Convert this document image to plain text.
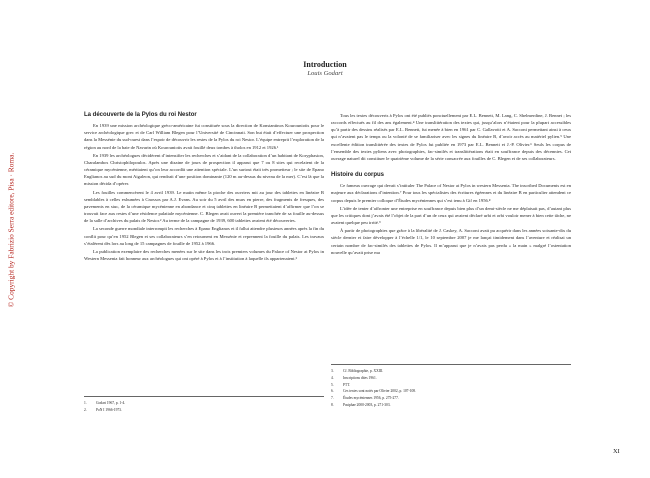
© Copyright by Fabrizio Serra editore, Pisa · Roma.
Introduction
Louis Godart
La découverte de la Pylos du roi Nestor

En 1939 une mission archéologique gréco-américaine fut constituée sous la direction de Konstantinos Kourouniotis pour le service archéologique grec et de Carl William Blegen pour l’Université de Cincinnati. Son but était d’effectuer une prospection dans la Messénie du sud-ouest dans l’espoir de découvrir les restes de la Pylos du roi Nestor. L’équipe entreprit l’exploration de la région au nord de la baie de Navarin où Kourouniotis avait fouillé deux tombes à tholos en 1912 et 1926.¹

En 1939 les archéologues décidèrent d’intensifier les recherches et s’aidant de la collaboration d’un habitant de Koryphasion, Charalambos Christophilopoulos. Après une dizaine de jours de prospection il apparut que 7 ou 8 sites qui recelaient de la céramique mycénienne, méritaient qu’on leur accordât une attention spéciale. L’un surtout était très prometteur ; le site de Epano Englianos au sud du mont Aigaleon, qui rendrait d’une position dominante (120 m au-dessus du niveau de la mer). C’est là que la mission décida d’opérer.

Les fouilles commencèrent le 4 avril 1939. Le matin même la pioche des ouvriers mit au jour des tablettes en linéaire B semblables à celles exhumées à Cnossos par A.J. Evans. Au soir du 5 avril des murs en pierre, des fragments de fresques, des pavements en stuc, de la céramique mycénienne en abondance et cinq tablettes en linéaire B permettaient d’affirmer que l’on se trouvait face aux restes d’une résidence palatiale mycénienne. C. Blegen avait ouvert la première tranchée de sa fouille au-dessus de la salle d’archives du palais de Nestor.² Au terme de la campagne de 1939, 600 tablettes avaient été découvertes.

La seconde guerre mondiale interrompit les recherches à Epano Englianos et il fallut attendre plusieurs années après la fin du conflit pour qu’en 1952 Blegen et ses collaborateurs s’en retournent en Messénie et reprennent la fouille du palais. Les travaux s’étalèrent dès lors au long de 15 campagnes de fouille de 1952 à 1966.

La publication exemplaire des recherches menées sur le site dans les trois premiers volumes du Palace of Nestor at Pylos in Western Messenia fait honneur aux archéologues qui ont opéré à Pylos et à l’institution à laquelle ils appartenaient.³

1.	Godart 1967, p. 1-4.
2.	PoN I 1966-1973.

Tous les textes découverts à Pylos ont été publiés ponctuellement par E.L. Bennett, M. Lang, C. Shelmerdine, J. Bennet ; les raccords effectués au fil des ans également.⁴ Une translittération des textes qui, jusqu’alors n’étaient pour la plupart accessibles qu’à partir des dessins réalisés par E.L. Bennett, fut menée à bien en 1961 par C. Gallavotti et A. Sacconi permettant ainsi à ceux qui n’avaient pas le temps ou la volonté de se familiariser avec les signes du linéaire B, d’avoir accès au matériel pylien.⁵ Une excellente édition translittérée des textes de Pylos fut publiée en 1973 par E.L. Bennett et J.-P. Olivier.⁶ Seuls les corpus de l’ensemble des textes pyliens avec photographies, fac-similés et translittérations était en souffrance depuis des décennies. Cet ouvrage naturel dit constituer le quatrième volume de la série consacrée aux fouilles de C. Blegen et de ses collaborateurs.

Histoire du corpus

Ce fameux ouvrage qui devait s’intituler The Palace of Nestor at Pylos in western Messenia. The inscribed Documents est en majeure aux déclarations d’intention.⁷ Pour tous les spécialistes des écritures égéennes et du linéaire B en particulier attendent ce corpus depuis le premier colloque d’Études mycéniennes qui s’est tenu à Gif en 1956.⁸

L’idée de tenter d’affronter une entreprise en souffrance depuis bien plus d’un demi-siècle ne me déplaisait pas, d’autant plus que les critiques dont j’avais été l’objet de la part d’un de ceux qui avaient déclaré urbi et orbi vouloir mener à bien cette tâche, ne avaient quelque peu irrité.⁹

À partir de photographies que grâce à la libéralité de J. Caskey, A. Sacconi avait pu acquérir dans les années soixante-dix du siècle dernier et faire développer à l’échelle 1/1, le 10 septembre 2007 je me lançai timidement dans l’aventure et réalisai un certain nombre de fac-similés des tablettes de Pylos. Il m’apparut que je n’avais pas perdu « la main » malgré l’ostentation nouvelle qu’avait prise ma

3.	Cf. Bibliographie, p. XXIII.
4.	Inscriptions dites 1961.
5.	PTT.
6.	Ces textes sont notés par Olivier 2002, p. 107-108.
7.	Études mycéniennes 1956, p. 275-277.
8.	Pasiphae 2000-2003, p. 271-303.
XI
